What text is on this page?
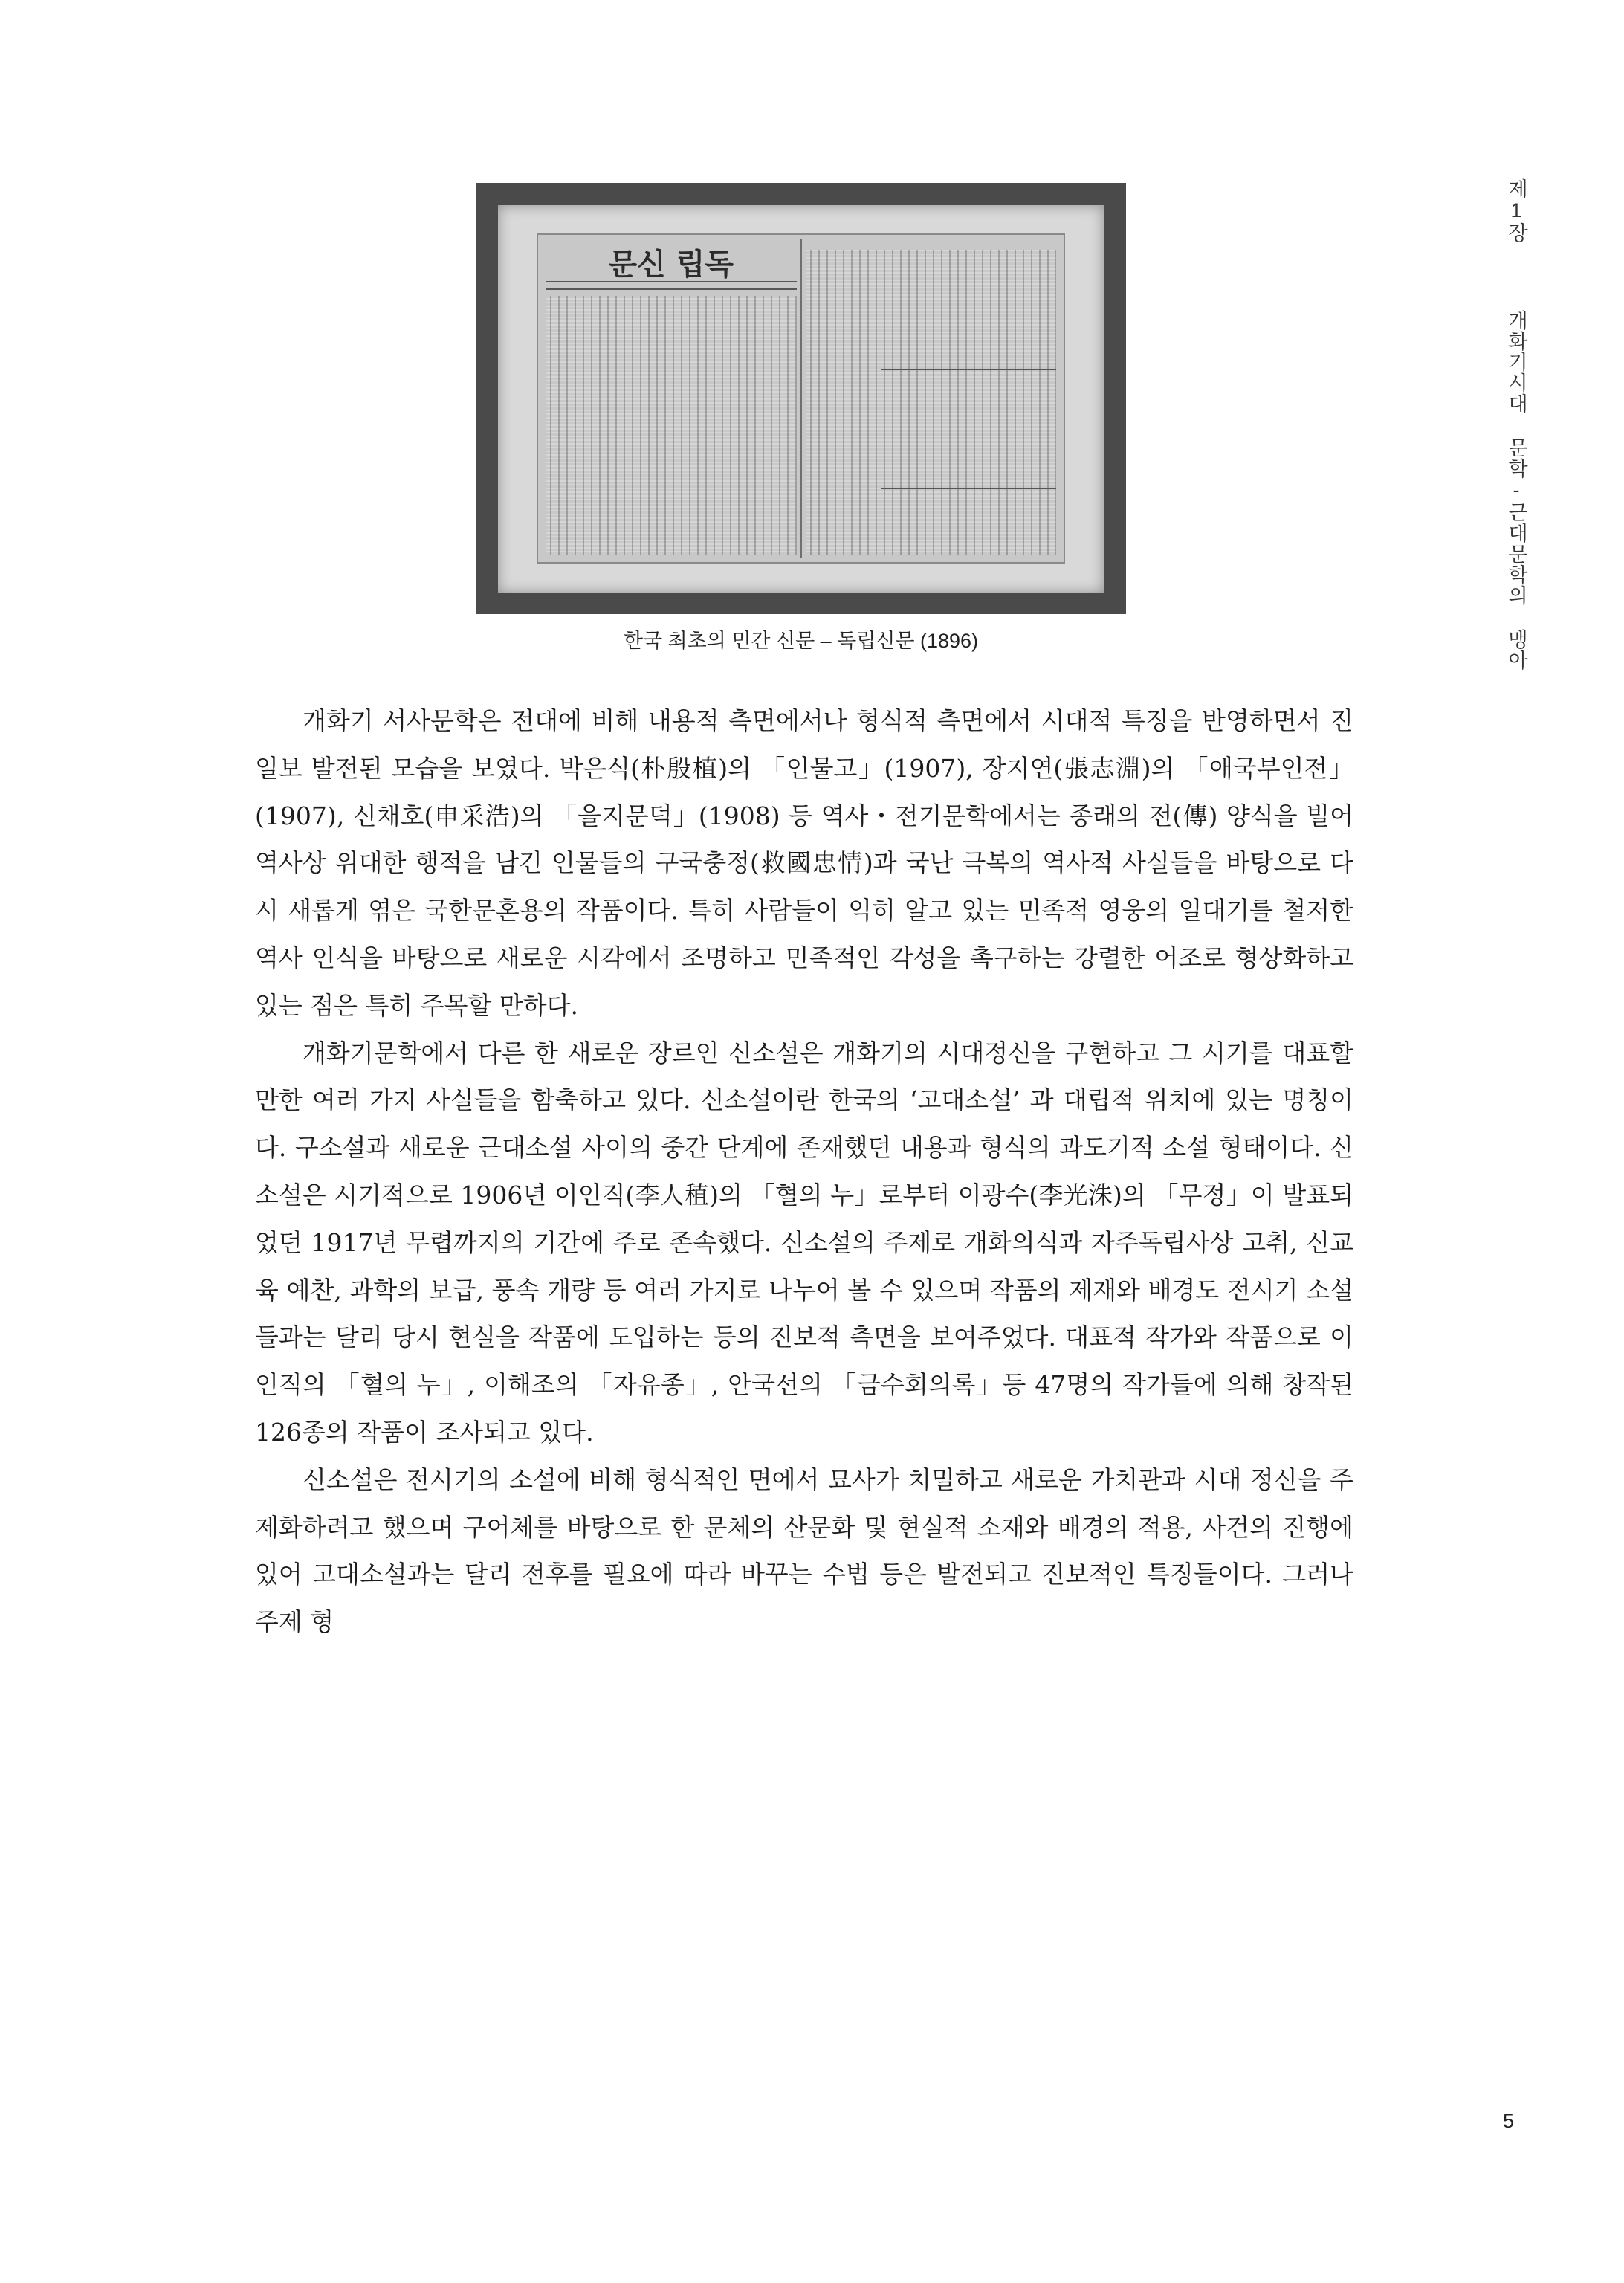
문신 립독

한국 최초의 민간 신문 – 독립신문 (1896)

제1장 　 개화기시대 문학-근대문학의 맹아

개화기 서사문학은 전대에 비해 내용적 측면에서나 형식적 측면에서 시대적 특징을 반영하면서 진일보 발전된 모습을 보였다. 박은식(朴殷植)의 「인물고」(1907), 장지연(張志淵)의 「애국부인전」(1907), 신채호(申采浩)의 「을지문덕」(1908) 등 역사・전기문학에서는 종래의 전(傳) 양식을 빌어 역사상 위대한 행적을 남긴 인물들의 구국충정(救國忠情)과 국난 극복의 역사적 사실들을 바탕으로 다시 새롭게 엮은 국한문혼용의 작품이다. 특히 사람들이 익히 알고 있는 민족적 영웅의 일대기를 철저한 역사 인식을 바탕으로 새로운 시각에서 조명하고 민족적인 각성을 촉구하는 강렬한 어조로 형상화하고 있는 점은 특히 주목할 만하다.

개화기문학에서 다른 한 새로운 장르인 신소설은 개화기의 시대정신을 구현하고 그 시기를 대표할 만한 여러 가지 사실들을 함축하고 있다. 신소설이란 한국의 ‘고대소설’ 과 대립적 위치에 있는 명칭이다. 구소설과 새로운 근대소설 사이의 중간 단계에 존재했던 내용과 형식의 과도기적 소설 형태이다. 신소설은 시기적으로 1906년 이인직(李人稙)의 「혈의 누」로부터 이광수(李光洙)의 「무정」이 발표되었던 1917년 무렵까지의 기간에 주로 존속했다. 신소설의 주제로 개화의식과 자주독립사상 고취, 신교육 예찬, 과학의 보급, 풍속 개량 등 여러 가지로 나누어 볼 수 있으며 작품의 제재와 배경도 전시기 소설들과는 달리 당시 현실을 작품에 도입하는 등의 진보적 측면을 보여주었다. 대표적 작가와 작품으로 이인직의 「혈의 누」, 이해조의 「자유종」, 안국선의 「금수회의록」등 47명의 작가들에 의해 창작된 126종의 작품이 조사되고 있다.

신소설은 전시기의 소설에 비해 형식적인 면에서 묘사가 치밀하고 새로운 가치관과 시대 정신을 주제화하려고 했으며 구어체를 바탕으로 한 문체의 산문화 및 현실적 소재와 배경의 적용, 사건의 진행에 있어 고대소설과는 달리 전후를 필요에 따라 바꾸는 수법 등은 발전되고 진보적인 특징들이다. 그러나 주제 형

5
